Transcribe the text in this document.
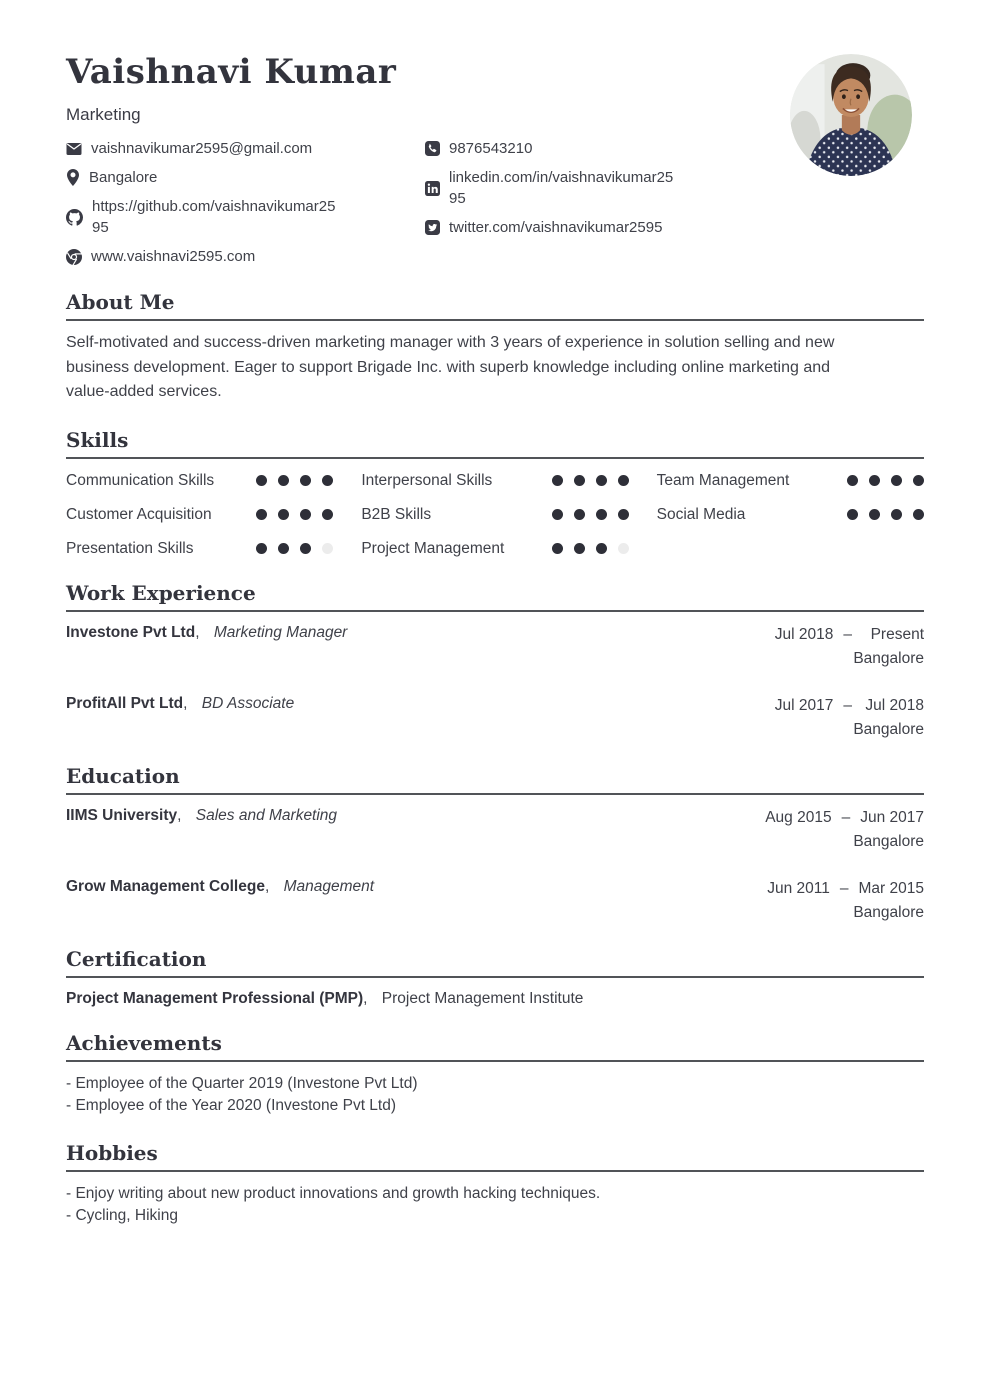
Vaishnavi Kumar
Marketing
vaishnavikumar2595@gmail.com
Bangalore
https://github.com/vaishnavikumar2595
www.vaishnavi2595.com
9876543210
linkedin.com/in/vaishnavikumar2595
twitter.com/vaishnavikumar2595
About Me

Self-motivated and success-driven marketing manager with 3 years of experience in solution selling and new business development. Eager to support Brigade Inc. with superb knowledge including online marketing and value-added services.

Skills
Communication Skills	Interpersonal Skills	Team Management
Customer Acquisition	B2B Skills	Social Media
Presentation Skills	Project Management
Work Experience
Investone Pvt Ltd, Marketing Manager	Jul 2018 –	Present
Bangalore
ProfitAll Pvt Ltd, BD Associate	Jul 2017 – Jul 2018
Bangalore
Education
IIMS University, Sales and Marketing	Aug 2015 – Jun 2017
Bangalore
Grow Management College, Management	Jun 2011 – Mar 2015
Bangalore
Certification
Project Management Professional (PMP), Project Management Institute
Achievements
- Employee of the Quarter 2019 (Investone Pvt Ltd)
- Employee of the Year 2020 (Investone Pvt Ltd)
Hobbies
- Enjoy writing about new product innovations and growth hacking techniques.
- Cycling, Hiking
